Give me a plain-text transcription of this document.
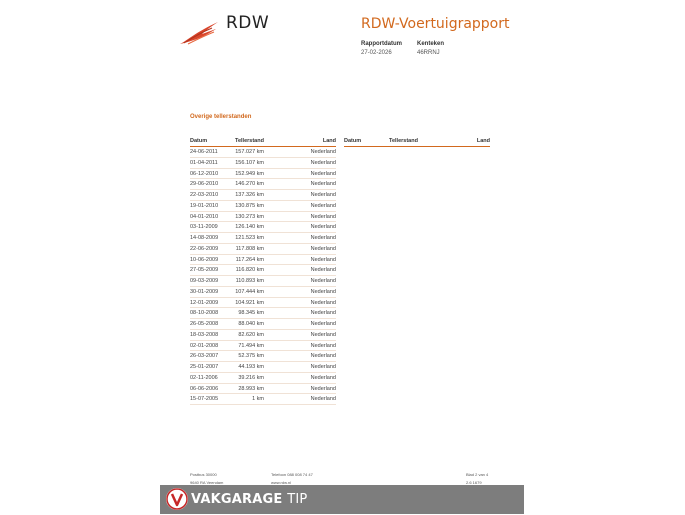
RDW	RDW-Voertuigrapport
Rapportdatum
27-02-2026
Kenteken
46RRNJ
Overige tellerstanden
Datum	Tellerstand	Land
24-06-2011	157.027 km	Nederland
01-04-2011	156.107 km	Nederland
06-12-2010	152.949 km	Nederland
29-06-2010	146.270 km	Nederland
22-03-2010	137.326 km	Nederland
19-01-2010	130.875 km	Nederland
04-01-2010	130.273 km	Nederland
03-11-2009	126.140 km	Nederland
14-08-2009	121.523 km	Nederland
22-06-2009	117.808 km	Nederland
10-06-2009	117.264 km	Nederland
27-05-2009	116.820 km	Nederland
09-03-2009	110.893 km	Nederland
30-01-2009	107.444 km	Nederland
12-01-2009	104.921 km	Nederland
08-10-2008	98.345 km	Nederland
26-05-2008	88.040 km	Nederland
18-03-2008	82.620 km	Nederland
02-01-2008	71.494 km	Nederland
26-03-2007	52.375 km	Nederland
25-01-2007	44.193 km	Nederland
02-11-2006	39.216 km	Nederland
06-06-2006	28.993 km	Nederland
15-07-2005	1 km	Nederland
Datum	Tellerstand	Land
Postbus 30000
9640 RA Veendam
Telefoon 088 008 74 47
www.rdw.nl
Blad 2 van 4
2.6 1679
VAKGARAGE TIP
